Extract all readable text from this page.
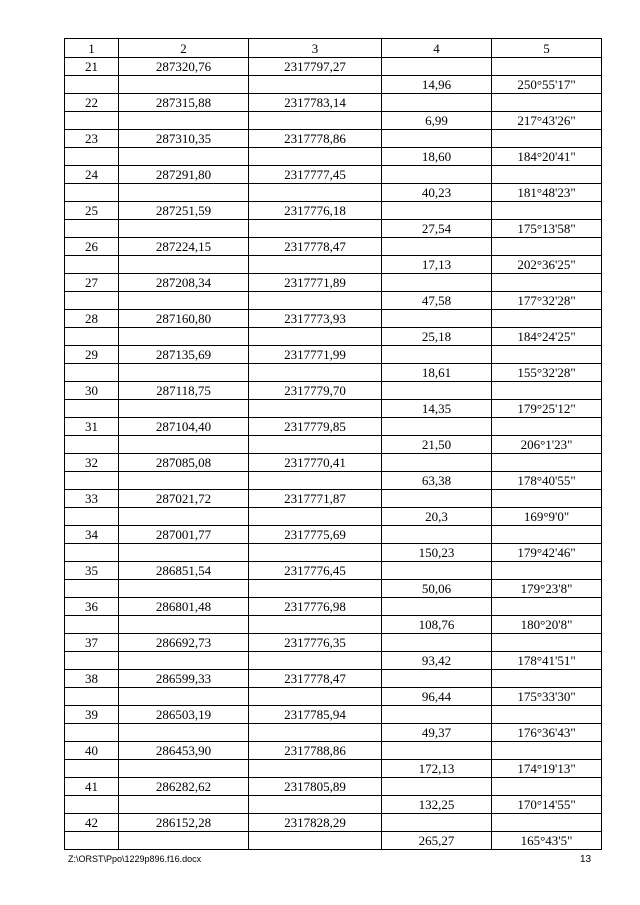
1	2	3	4	5
21	287320,76	2317797,27		
			14,96	250°55'17"
22	287315,88	2317783,14		
			6,99	217°43'26"
23	287310,35	2317778,86		
			18,60	184°20'41"
24	287291,80	2317777,45		
			40,23	181°48'23"
25	287251,59	2317776,18		
			27,54	175°13'58"
26	287224,15	2317778,47		
			17,13	202°36'25"
27	287208,34	2317771,89		
			47,58	177°32'28"
28	287160,80	2317773,93		
			25,18	184°24'25"
29	287135,69	2317771,99		
			18,61	155°32'28"
30	287118,75	2317779,70		
			14,35	179°25'12"
31	287104,40	2317779,85		
			21,50	206°1'23"
32	287085,08	2317770,41		
			63,38	178°40'55"
33	287021,72	2317771,87		
			20,3	169°9'0"
34	287001,77	2317775,69		
			150,23	179°42'46"
35	286851,54	2317776,45		
			50,06	179°23'8"
36	286801,48	2317776,98		
			108,76	180°20'8"
37	286692,73	2317776,35		
			93,42	178°41'51"
38	286599,33	2317778,47		
			96,44	175°33'30"
39	286503,19	2317785,94		
			49,37	176°36'43"
40	286453,90	2317788,86		
			172,13	174°19'13"
41	286282,62	2317805,89		
			132,25	170°14'55"
42	286152,28	2317828,29		
			265,27	165°43'5"
Z:\ORST\Ppo\1229p896.f16.docx	13
